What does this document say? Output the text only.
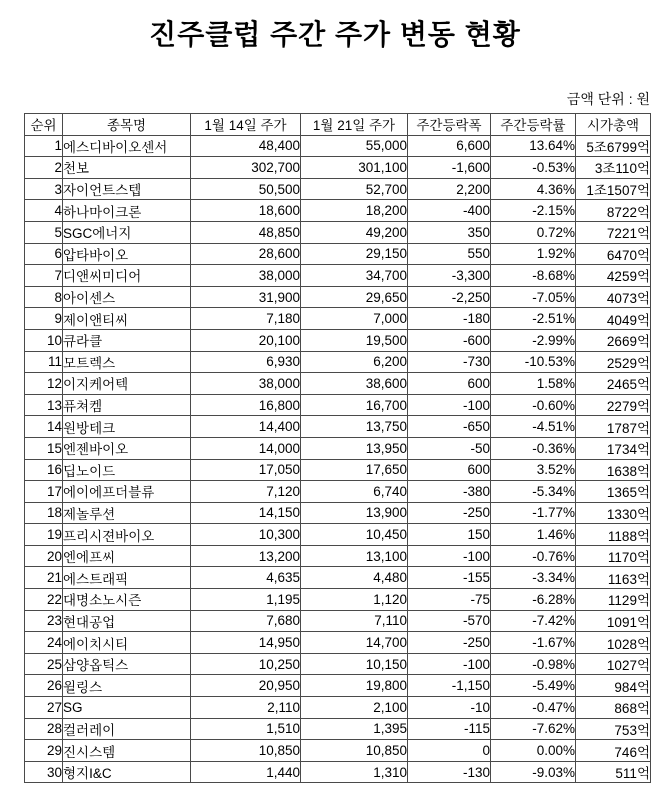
진주클럽 주간 주가 변동 현황
금액 단위 : 원
순위	종목명	1월 14일 주가	1월 21일 주가	주간등락폭	주간등락률	시가총액
1	에스디바이오센서	48,400	55,000	6,600	13.64%	5조6799억
2	천보	302,700	301,100	-1,600	-0.53%	3조110억
3	자이언트스텝	50,500	52,700	2,200	4.36%	1조1507억
4	하나마이크론	18,600	18,200	-400	-2.15%	8722억
5	SGC에너지	48,850	49,200	350	0.72%	7221억
6	압타바이오	28,600	29,150	550	1.92%	6470억
7	디앤씨미디어	38,000	34,700	-3,300	-8.68%	4259억
8	아이센스	31,900	29,650	-2,250	-7.05%	4073억
9	제이앤티씨	7,180	7,000	-180	-2.51%	4049억
10	큐라클	20,100	19,500	-600	-2.99%	2669억
11	모트렉스	6,930	6,200	-730	-10.53%	2529억
12	이지케어텍	38,000	38,600	600	1.58%	2465억
13	퓨쳐켐	16,800	16,700	-100	-0.60%	2279억
14	원방테크	14,400	13,750	-650	-4.51%	1787억
15	엔젠바이오	14,000	13,950	-50	-0.36%	1734억
16	딥노이드	17,050	17,650	600	3.52%	1638억
17	에이에프더블류	7,120	6,740	-380	-5.34%	1365억
18	제놀루션	14,150	13,900	-250	-1.77%	1330억
19	프리시젼바이오	10,300	10,450	150	1.46%	1188억
20	엔에프씨	13,200	13,100	-100	-0.76%	1170억
21	에스트래픽	4,635	4,480	-155	-3.34%	1163억
22	대명소노시즌	1,195	1,120	-75	-6.28%	1129억
23	현대공업	7,680	7,110	-570	-7.42%	1091억
24	에이치시티	14,950	14,700	-250	-1.67%	1028억
25	삼양옵틱스	10,250	10,150	-100	-0.98%	1027억
26	윌링스	20,950	19,800	-1,150	-5.49%	984억
27	SG	2,110	2,100	-10	-0.47%	868억
28	컬러레이	1,510	1,395	-115	-7.62%	753억
29	진시스템	10,850	10,850	0	0.00%	746억
30	형지I&C	1,440	1,310	-130	-9.03%	511억
